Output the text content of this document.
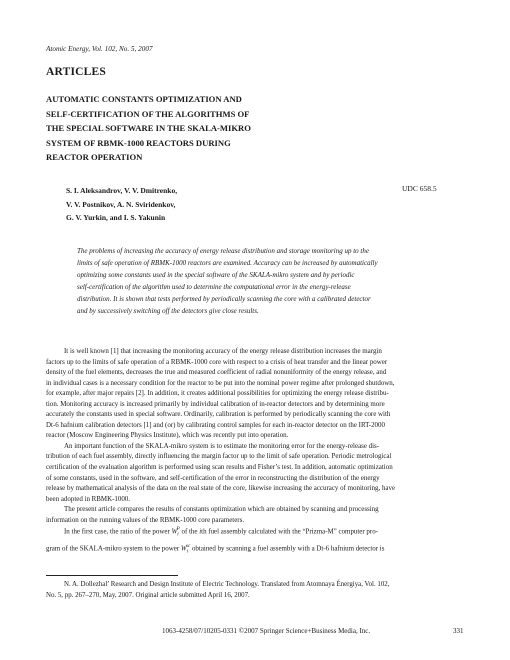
Atomic Energy, Vol. 102, No. 5, 2007
ARTICLES
AUTOMATIC CONSTANTS OPTIMIZATION AND
SELF-CERTIFICATION OF THE ALGORITHMS OF
THE SPECIAL SOFTWARE IN THE SKALA-MIKRO
SYSTEM OF RBMK-1000 REACTORS DURING
REACTOR OPERATION
S. I. Aleksandrov, V. V. Dmitrenko,
V. V. Postnikov, A. N. Sviridenkov,
G. V. Yurkin, and I. S. Yakunin
UDC 658.5
The problems of increasing the accuracy of energy release distribution and storage monitoring up to the
limits of safe operation of RBMK-1000 reactors are examined. Accuracy can be increased by automatically
optimizing some constants used in the special software of the SKALA-mikro system and by periodic
self-certification of the algorithm used to determine the computational error in the energy-release
distribution. It is shown that tests performed by periodically scanning the core with a calibrated detector
and by successively switching off the detectors give close results.
It is well known [1] that increasing the monitoring accuracy of the energy release distribution increases the margin
factors up to the limits of safe operation of a RBMK-1000 core with respect to a crisis of heat transfer and the linear power
density of the fuel elements, decreases the true and measured coefficient of radial nonuniformity of the energy release, and
in individual cases is a necessary condition for the reactor to be put into the nominal power regime after prolonged shutdown,
for example, after major repairs [2]. In addition, it creates additional possibilities for optimizing the energy release distribu-
tion. Monitoring accuracy is increased primarily by individual calibration of in-reactor detectors and by determining more
accurately the constants used in special software. Ordinarily, calibration is performed by periodically scanning the core with
Dt-6 hafnium calibration detectors [1] and (or) by calibrating control samples for each in-reactor detector on the IRT-2000
reactor (Moscow Engineering Physics Institute), which was recently put into operation.
An important function of the SKALA-mikro system is to estimate the monitoring error for the energy-release dis-
tribution of each fuel assembly, directly influencing the margin factor up to the limit of safe operation. Periodic metrological
certification of the evaluation algorithm is performed using scan results and Fisher’s test. In addition, automatic optimization
of some constants, used in the software, and self-certification of the error in reconstructing the distribution of the energy
release by mathematical analysis of the data on the real state of the core, likewise increasing the accuracy of monitoring, have
been adopted in RBMK-1000.
The present article compares the results of constants optimization which are obtained by scanning and processing
information on the running values of the RBMK-1000 core parameters.
In the first case, the ratio of the power $W_i^P$ of the ith fuel assembly calculated with the “Prizma-M” computer pro-
gram of the SKALA-mikro system to the power $W_i^{sc}$ obtained by scanning a fuel assembly with a Dt-6 hafnium detector is
N. A. Dollezhal’ Research and Design Institute of Electric Technology. Translated from Atomnaya Énergiya, Vol. 102,
No. 5, pp. 267–270, May, 2007. Original article submitted April 16, 2007.
1063-4258/07/10205-0331 ©2007 Springer Science+Business Media, Inc.	331
